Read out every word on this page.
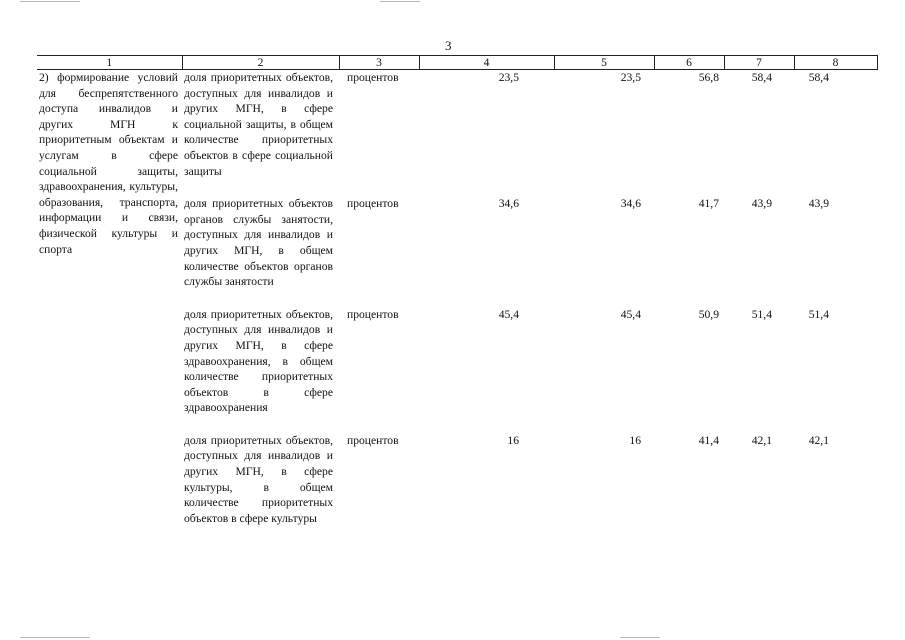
3
1	2	3	4	5	6	7	8
2) формирование условий для беспрепятственного доступа инвалидов и других МГН к приоритетным объектам и услугам в сфере социальной защиты, здравоохранения, культуры, образования, транспорта, информации и связи, физической культуры и спорта	доля приоритетных объектов, доступных для инвалидов и других МГН, в сфере социальной защиты, в общем количестве приоритетных объектов в сфере социальной защиты	процентов	23,5	23,5	56,8	58,4	58,4
	доля приоритетных объектов органов службы занятости, доступных для инвалидов и других МГН, в общем количестве объектов органов службы занятости	процентов	34,6	34,6	41,7	43,9	43,9
	доля приоритетных объектов, доступных для инвалидов и других МГН, в сфере здравоохранения, в общем количестве приоритетных объектов в сфере здравоохранения	процентов	45,4	45,4	50,9	51,4	51,4
	доля приоритетных объектов, доступных для инвалидов и других МГН, в сфере культуры, в общем количестве приоритетных объектов в сфере культуры	процентов	16	16	41,4	42,1	42,1
